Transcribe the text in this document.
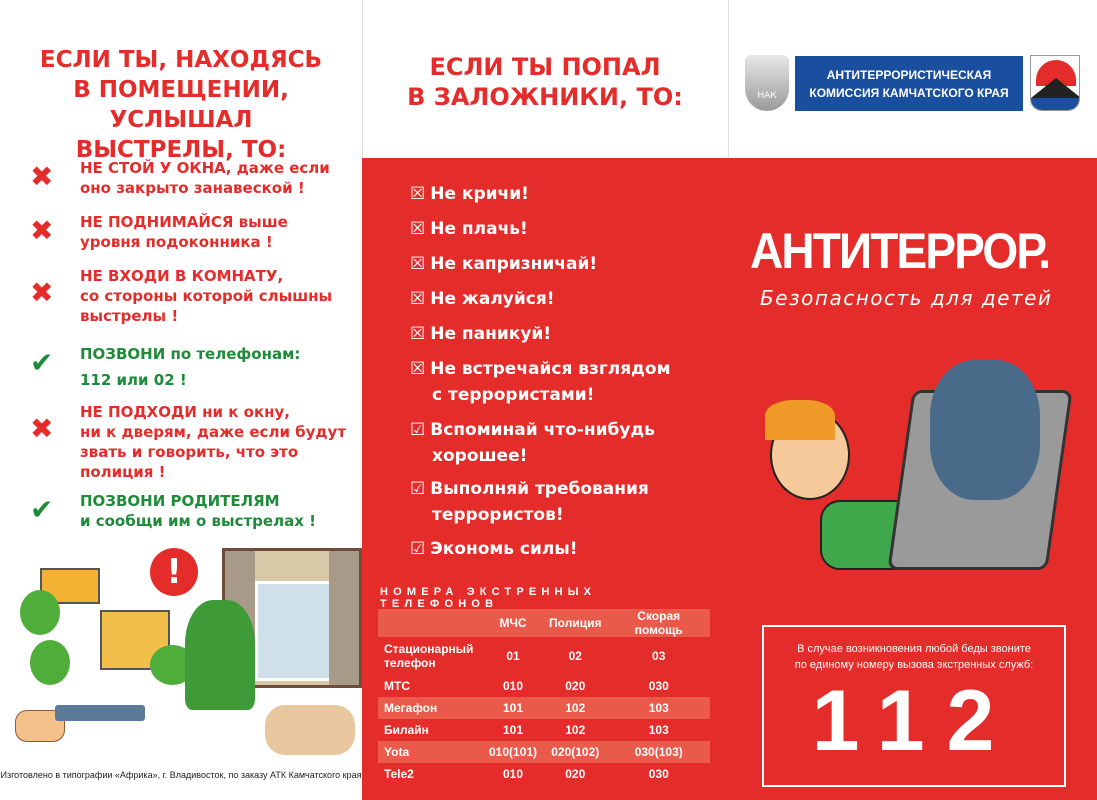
ЕСЛИ ТЫ, НАХОДЯСЬ
В ПОМЕЩЕНИИ, УСЛЫШАЛ
ВЫСТРЕЛЫ, ТО:
✖ НЕ СТОЙ У ОКНА, даже если
оно закрыто занавеской !
✖ НЕ ПОДНИМАЙСЯ выше
уровня подоконника !
✖ НЕ ВХОДИ В КОМНАТУ,
со стороны которой слышны
выстрелы !
✔ ПОЗВОНИ по телефонам:
112 или 02 !
✖ НЕ ПОДХОДИ ни к окну,
ни к дверям, даже если будут
звать и говорить, что это
полиция !
✔ ПОЗВОНИ РОДИТЕЛЯМ
и сообщи им о выстрелах !
!
Изготовлено в типографии «Африка», г. Владивосток, по заказу АТК Камчатского края
ЕСЛИ ТЫ ПОПАЛ
В ЗАЛОЖНИКИ, ТО:
☒ Не кричи!
☒ Не плачь!
☒ Не капризничай!
☒ Не жалуйся!
☒ Не паникуй!
☒ Не встречайся взглядом
с террористами!
☑ Вспоминай что-нибудь
хорошее!
☑ Выполняй требования
террористов!
☑ Экономь силы!
НОМЕРА ЭКСТРЕННЫХ ТЕЛЕФОНОВ
	МЧС	Полиция	Скорая помощь
Стационарный телефон	01	02	03
МТС	010	020	030
Мегафон	101	102	103
Билайн	101	102	103
Yota	010(101)	020(102)	030(103)
Tele2	010	020	030
НАК
АНТИТЕРРОРИСТИЧЕСКАЯ
КОМИССИЯ КАМЧАТСКОГО КРАЯ
АНТИТЕРРОР.
Безопасность для детей
В случае возникновения любой беды звоните
по единому номеру вызова экстренных служб:
112
